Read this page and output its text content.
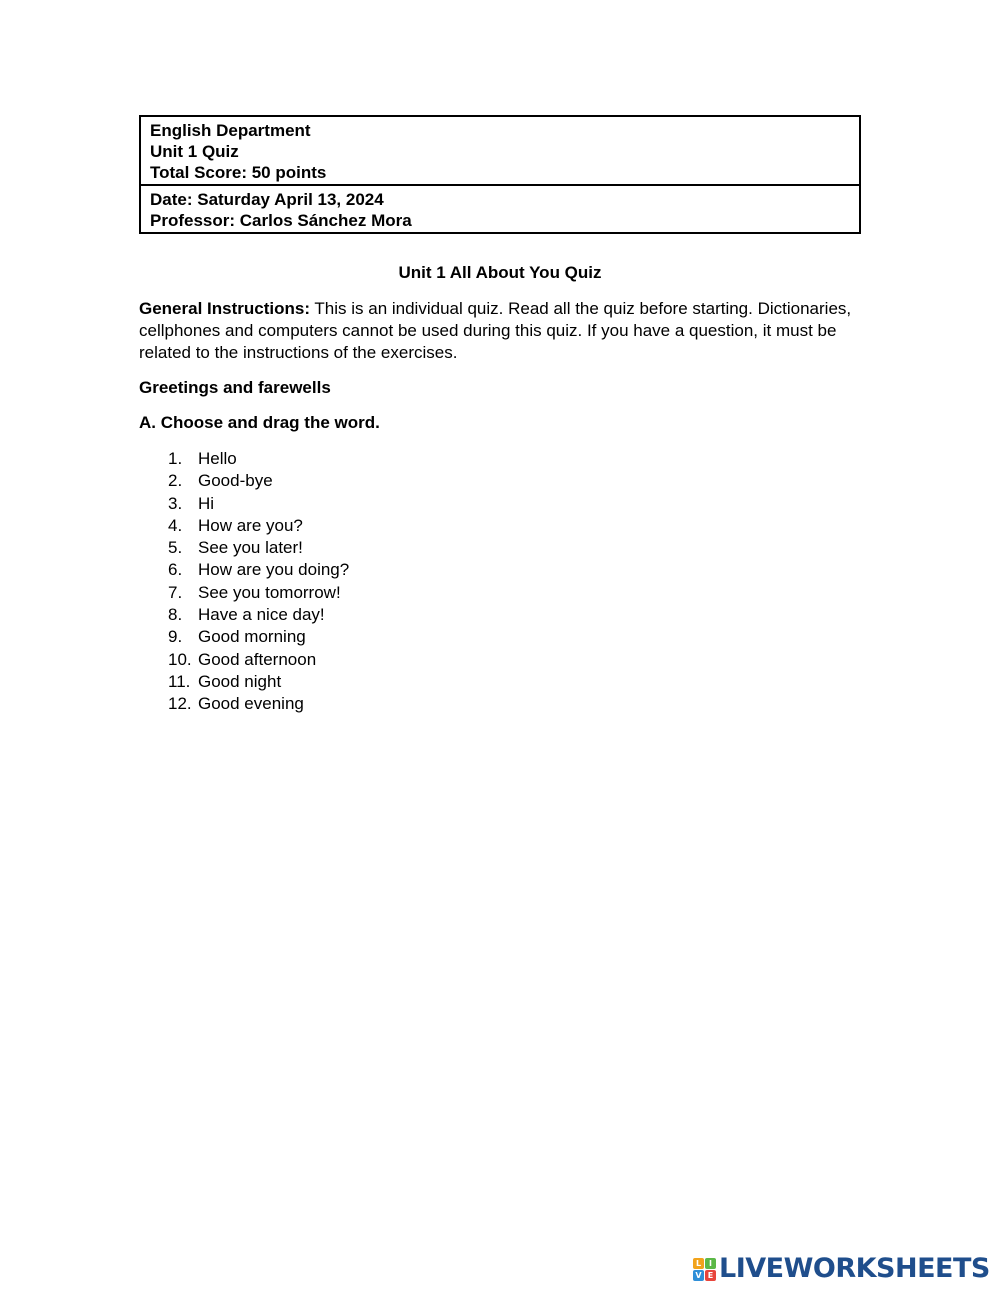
English Department
Unit 1 Quiz
Total Score: 50 points
Date: Saturday April 13, 2024
Professor: Carlos Sánchez Mora
Unit 1 All About You Quiz
General Instructions: This is an individual quiz. Read all the quiz before starting. Dictionaries, cellphones and computers cannot be used during this quiz. If you have a question, it must be related to the instructions of the exercises.
Greetings and farewells
A. Choose and drag the word.
1. Hello
2. Good-bye
3. Hi
4. How are you?
5. See you later!
6. How are you doing?
7. See you tomorrow!
8. Have a nice day!
9. Good morning
10. Good afternoon
11. Good night
12. Good evening
L I
V E LIVEWORKSHEETS
